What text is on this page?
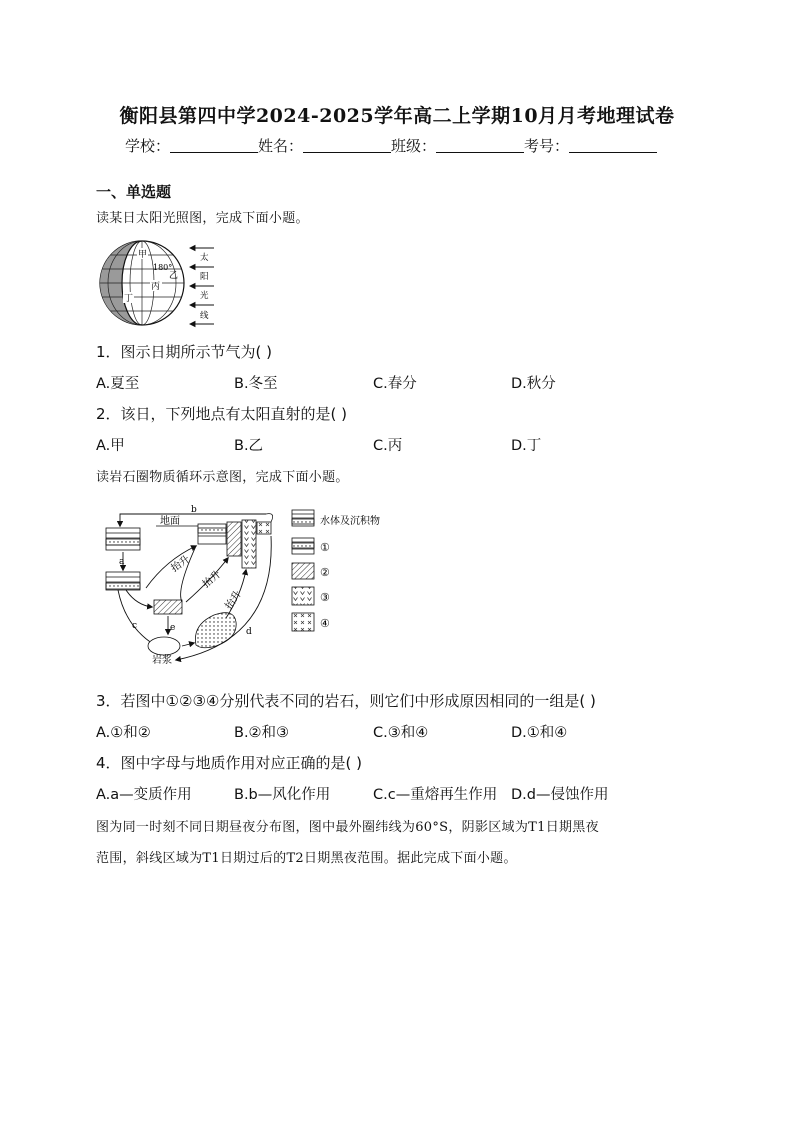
衡阳县第四中学2024-2025学年高二上学期10月月考地理试卷
学校：	姓名：	班级：	考号：
一、单选题
读某日太阳光照图，完成下面小题。
甲
180°
乙
丙
丁
太
阳
光
线
1．图示日期所示节气为( )
A.夏至	B.冬至	C.春分	D.秋分
2．该日，下列地点有太阳直射的是( )
A.甲	B.乙	C.丙	D.丁
读岩石圈物质循环示意图，完成下面小题。
a
b
地面
抬升
抬升
抬升
c	e
岩浆
d
水体及沉积物
①
②
③
④
3．若图中①②③④分别代表不同的岩石，则它们中形成原因相同的一组是( )
A.①和②	B.②和③	C.③和④	D.①和④
4．图中字母与地质作用对应正确的是( )
A.a—变质作用	B.b—风化作用	C.c—重熔再生作用 D.d—侵蚀作用
图为同一时刻不同日期昼夜分布图，图中最外圈纬线为60°S，阴影区域为T1日期黑夜
范围，斜线区域为T1日期过后的T2日期黑夜范围。据此完成下面小题。
